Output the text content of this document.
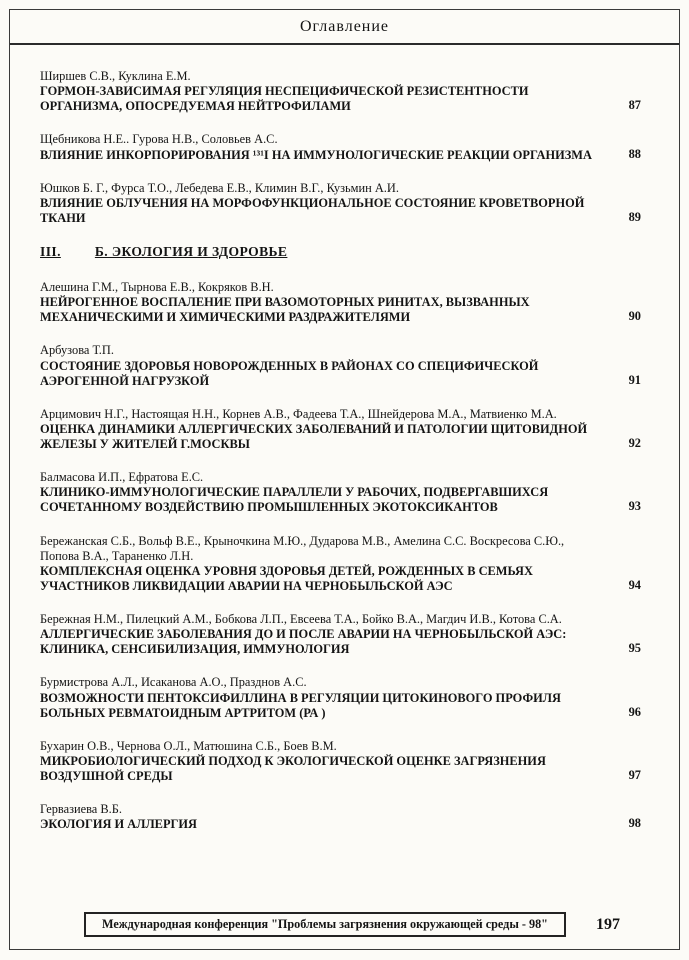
Оглавление
Ширшев С.В., Куклина Е.М.
ГОРМОН-ЗАВИСИМАЯ РЕГУЛЯЦИЯ НЕСПЕЦИФИЧЕСКОЙ РЕЗИСТЕНТНОСТИ ОРГАНИЗМА, ОПОСРЕДУЕМАЯ НЕЙТРОФИЛАМИ	87
Щебникова Н.Е.. Гурова Н.В., Соловьев А.С.
ВЛИЯНИЕ ИНКОРПОРИРОВАНИЯ ¹³¹I НА ИММУНОЛОГИЧЕСКИЕ РЕАКЦИИ ОРГАНИЗМА	88
Юшков Б. Г., Фурса Т.О., Лебедева Е.В., Климин В.Г., Кузьмин А.И.
ВЛИЯНИЕ ОБЛУЧЕНИЯ НА МОРФОФУНКЦИОНАЛЬНОЕ СОСТОЯНИЕ КРОВЕТВОРНОЙ ТКАНИ	89
III.	Б. ЭКОЛОГИЯ И ЗДОРОВЬЕ
Алешина Г.М., Тырнова Е.В., Кокряков В.Н.
НЕЙРОГЕННОЕ ВОСПАЛЕНИЕ ПРИ ВАЗОМОТОРНЫХ РИНИТАХ, ВЫЗВАННЫХ МЕХАНИЧЕСКИМИ И ХИМИЧЕСКИМИ РАЗДРАЖИТЕЛЯМИ	90
Арбузова Т.П.
СОСТОЯНИЕ ЗДОРОВЬЯ НОВОРОЖДЕННЫХ В РАЙОНАХ СО СПЕЦИФИЧЕСКОЙ АЭРОГЕННОЙ НАГРУЗКОЙ	91
Арцимович Н.Г., Настоящая Н.Н., Корнев А.В., Фадеева Т.А., Шнейдерова М.А., Матвиенко М.А.
ОЦЕНКА ДИНАМИКИ АЛЛЕРГИЧЕСКИХ ЗАБОЛЕВАНИЙ И ПАТОЛОГИИ ЩИТОВИДНОЙ ЖЕЛЕЗЫ У ЖИТЕЛЕЙ Г.МОСКВЫ	92
Балмасова И.П., Ефратова Е.С.
КЛИНИКО-ИММУНОЛОГИЧЕСКИЕ ПАРАЛЛЕЛИ У РАБОЧИХ, ПОДВЕРГАВШИХСЯ СОЧЕТАННОМУ ВОЗДЕЙСТВИЮ ПРОМЫШЛЕННЫХ ЭКОТОКСИКАНТОВ	93
Бережанская С.Б., Вольф В.Е., Крыночкина М.Ю., Дударова М.В., Амелина С.С. Воскресова С.Ю., Попова В.А., Тараненко Л.Н.
КОМПЛЕКСНАЯ ОЦЕНКА УРОВНЯ ЗДОРОВЬЯ ДЕТЕЙ, РОЖДЕННЫХ В СЕМЬЯХ УЧАСТНИКОВ ЛИКВИДАЦИИ АВАРИИ НА ЧЕРНОБЫЛЬСКОЙ АЭС	94
Бережная Н.М., Пилецкий А.М., Бобкова Л.П., Евсеева Т.А., Бойко В.А., Магдич И.В., Котова С.А.
АЛЛЕРГИЧЕСКИЕ ЗАБОЛЕВАНИЯ ДО И ПОСЛЕ АВАРИИ НА ЧЕРНОБЫЛЬСКОЙ АЭС: КЛИНИКА, СЕНСИБИЛИЗАЦИЯ, ИММУНОЛОГИЯ	95
Бурмистрова А.Л., Исаканова А.О., Празднов А.С.
ВОЗМОЖНОСТИ ПЕНТОКСИФИЛЛИНА В РЕГУЛЯЦИИ ЦИТОКИНОВОГО ПРОФИЛЯ БОЛЬНЫХ РЕВМАТОИДНЫМ АРТРИТОМ (РА )	96
Бухарин О.В., Чернова О.Л., Матюшина С.Б., Боев В.М.
МИКРОБИОЛОГИЧЕСКИЙ ПОДХОД К ЭКОЛОГИЧЕСКОЙ ОЦЕНКЕ ЗАГРЯЗНЕНИЯ ВОЗДУШНОЙ СРЕДЫ	97
Гервазиева В.Б.
ЭКОЛОГИЯ И АЛЛЕРГИЯ	98
Международная конференция "Проблемы загрязнения окружающей среды - 98"	197
